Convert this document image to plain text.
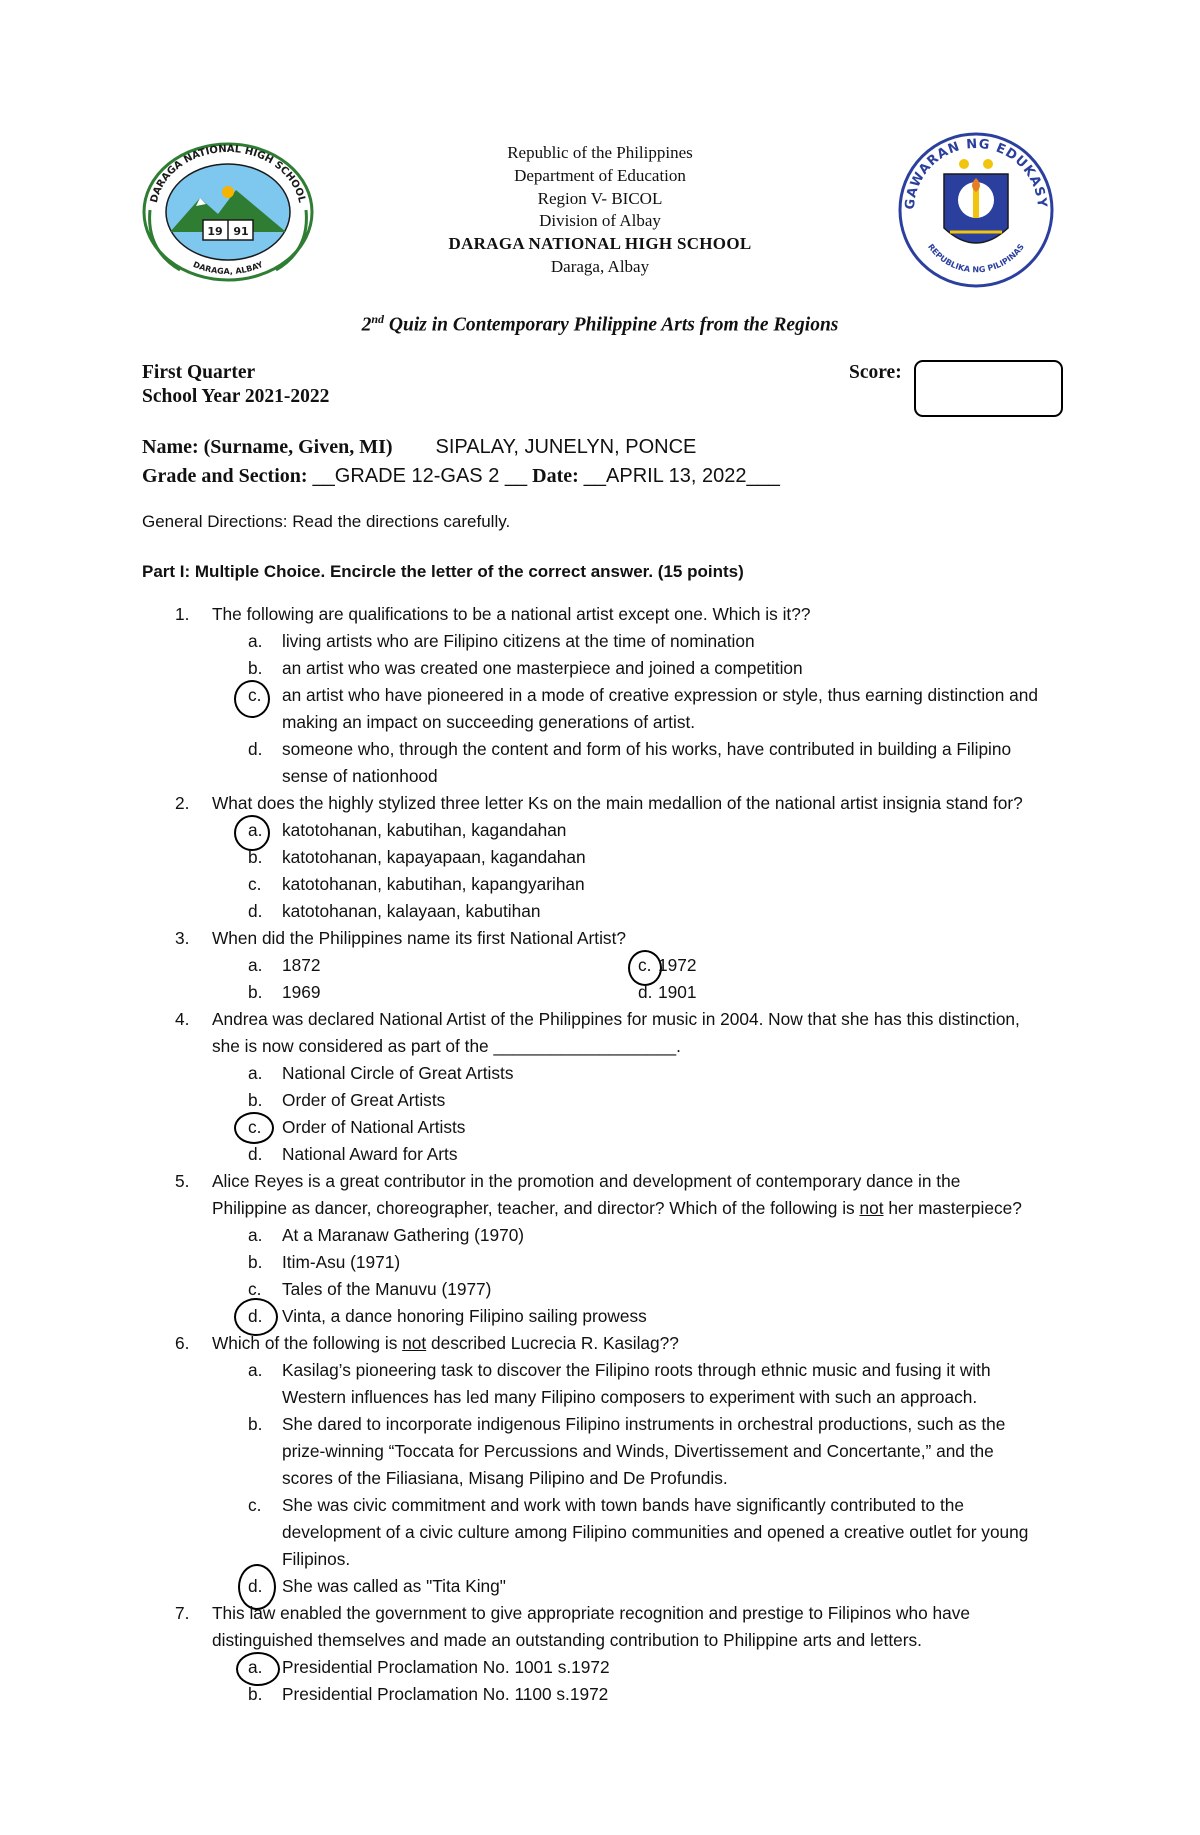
19 91
DARAGA NATIONAL HIGH SCHOOL
DARAGA, ALBAY
Republic of the Philippines
Department of Education
Region V- BICOL
Division of Albay
DARAGA NATIONAL HIGH SCHOOL
Daraga, Albay
GAWARAN NG EDUKASY
REPUBLIKA NG PILIPINAS
2nd Quiz in Contemporary Philippine Arts from the Regions
First Quarter
School Year 2021-2022
Score:
Name: (Surname, Given, MI) SIPALAY, JUNELYN, PONCE
Grade and Section: __GRADE 12-GAS 2 __ Date: __APRIL 13, 2022___
General Directions: Read the directions carefully.
Part I: Multiple Choice. Encircle the letter of the correct answer. (15 points)
1. The following are qualifications to be a national artist except one. Which is it??
a. living artists who are Filipino citizens at the time of nomination
b. an artist who was created one masterpiece and joined a competition
c. an artist who have pioneered in a mode of creative expression or style, thus earning distinction and
making an impact on succeeding generations of artist.
d. someone who, through the content and form of his works, have contributed in building a Filipino
sense of nationhood
2. What does the highly stylized three letter Ks on the main medallion of the national artist insignia stand for?
a. katotohanan, kabutihan, kagandahan
b. katotohanan, kapayapaan, kagandahan
c. katotohanan, kabutihan, kapangyarihan
d. katotohanan, kalayaan, kabutihan
3. When did the Philippines name its first National Artist?
a. 1872
b. 1969
c. 1972
d. 1901
4. Andrea was declared National Artist of the Philippines for music in 2004. Now that she has this distinction,
she is now considered as part of the ___________________.
a. National Circle of Great Artists
b. Order of Great Artists
c. Order of National Artists
d. National Award for Arts
5. Alice Reyes is a great contributor in the promotion and development of contemporary dance in the
Philippine as dancer, choreographer, teacher, and director? Which of the following is not her masterpiece?
a. At a Maranaw Gathering (1970)
b. Itim-Asu (1971)
c. Tales of the Manuvu (1977)
d. Vinta, a dance honoring Filipino sailing prowess
6. Which of the following is not described Lucrecia R. Kasilag??
a. Kasilag’s pioneering task to discover the Filipino roots through ethnic music and fusing it with
Western influences has led many Filipino composers to experiment with such an approach.
b. She dared to incorporate indigenous Filipino instruments in orchestral productions, such as the
prize-winning “Toccata for Percussions and Winds, Divertissement and Concertante,” and the
scores of the Filiasiana, Misang Pilipino and De Profundis.
c. She was civic commitment and work with town bands have significantly contributed to the
development of a civic culture among Filipino communities and opened a creative outlet for young
Filipinos.
d. She was called as "Tita King"
7. This law enabled the government to give appropriate recognition and prestige to Filipinos who have
distinguished themselves and made an outstanding contribution to Philippine arts and letters.
a. Presidential Proclamation No. 1001 s.1972
b. Presidential Proclamation No. 1100 s.1972
